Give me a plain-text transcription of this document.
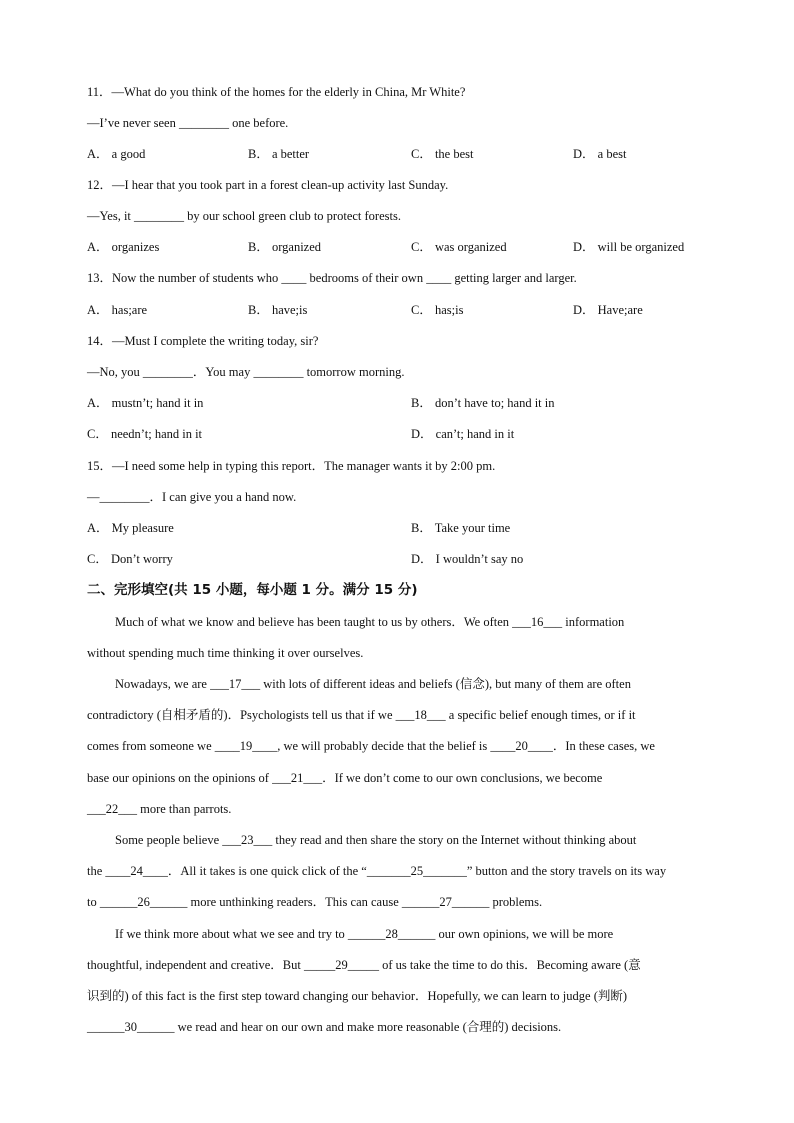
11．—What do you think of the homes for the elderly in China, Mr White?
—I’ve never seen ________ one before.
A． a good	B． a better	C． the best	D． a best
12．—I hear that you took part in a forest clean-up activity last Sunday.
—Yes, it ________ by our school green club to protect forests.
A． organizes	B． organized	C． was organized	D． will be organized
13．Now the number of students who ____ bedrooms of their own ____ getting larger and larger.
A． has;are	B． have;is	C． has;is	D． Have;are
14．—Must I complete the writing today, sir?
—No, you ________．You may ________ tomorrow morning.
A． mustn’t; hand it in	B． don’t have to; hand it in
C． needn’t; hand in it	D． can’t; hand in it
15．—I need some help in typing this report．The manager wants it by 2:00 pm.
—________．I can give you a hand now.
A． My pleasure	B． Take your time
C． Don’t worry	D． I wouldn’t say no
二、完形填空(共 15 小题，每小题 1 分。满分 15 分)
Much of what we know and believe has been taught to us by others．We often ___16___ information
without spending much time thinking it over ourselves.
Nowadays, we are ___17___ with lots of different ideas and beliefs (信念), but many of them are often
contradictory (自相矛盾的)．Psychologists tell us that if we ___18___ a specific belief enough times, or if it
comes from someone we ____19____, we will probably decide that the belief is ____20____．In these cases, we
base our opinions on the opinions of ___21___．If we don’t come to our own conclusions, we become
___22___ more than parrots.
Some people believe ___23___ they read and then share the story on the Internet without thinking about
the ____24____．All it takes is one quick click of the “_______25_______” button and the story travels on its way
to ______26______ more unthinking readers．This can cause ______27______ problems.
If we think more about what we see and try to ______28______ our own opinions, we will be more
thoughtful, independent and creative．But _____29_____ of us take the time to do this．Becoming aware (意
识到的) of this fact is the first step toward changing our behavior．Hopefully, we can learn to judge (判断)
______30______ we read and hear on our own and make more reasonable (合理的) decisions.
